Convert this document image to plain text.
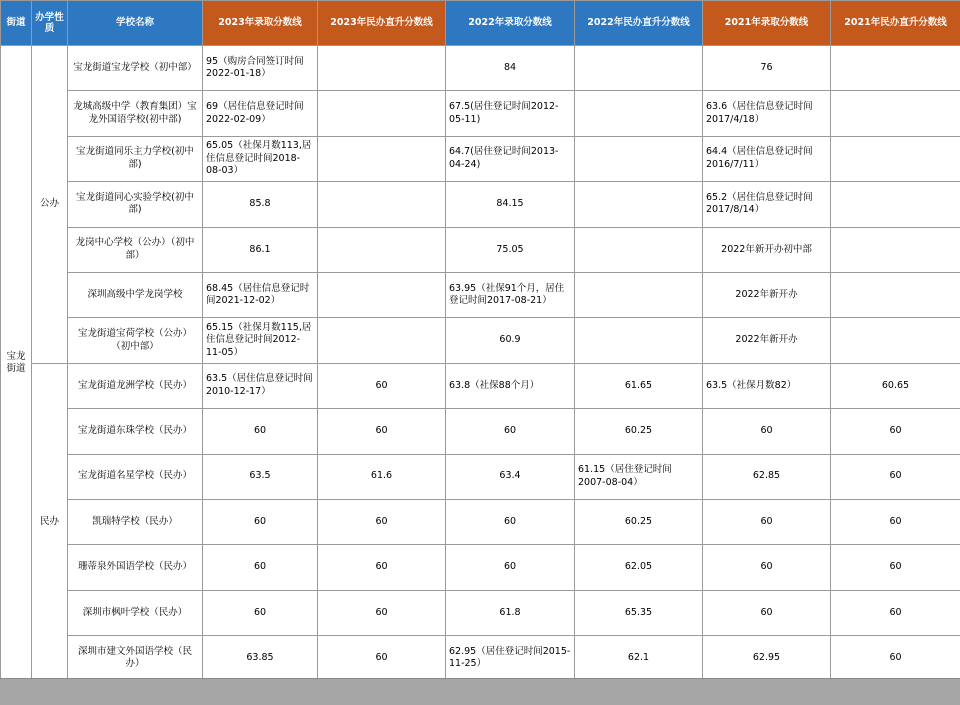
街道	办学性质	学校名称	2023年录取分数线	2023年民办直升分数线	2022年录取分数线	2022年民办直升分数线	2021年录取分数线	2021年民办直升分数线
宝龙街道	公办	宝龙街道宝龙学校（初中部）	95（购房合同签订时间2022-01-18）		84		76	
		龙城高级中学（教育集团）宝龙外国语学校(初中部)	69（居住信息登记时间2022-02-09）		67.5(居住登记时间2012-05-11)		63.6（居住信息登记时间2017/4/18）	
		宝龙街道同乐主力学校(初中部)	65.05（社保月数113,居住信息登记时间2018-08-03）		64.7(居住登记时间2013-04-24)		64.4（居住信息登记时间2016/7/11）	
		宝龙街道同心实验学校(初中部)	85.8		84.15		65.2（居住信息登记时间2017/8/14）	
		龙岗中心学校（公办）（初中部）	86.1		75.05		2022年新开办初中部	
		深圳高级中学龙岗学校	68.45（居住信息登记时间2021-12-02）		63.95（社保91个月，居住登记时间2017-08-21）		2022年新开办	
		宝龙街道宝荷学校（公办）（初中部）	65.15（社保月数115,居住信息登记时间2012-11-05）		60.9		2022年新开办	
	民办	宝龙街道龙洲学校（民办）	63.5（居住信息登记时间2010-12-17）	60	63.8（社保88个月）	61.65	63.5（社保月数82）	60.65
		宝龙街道东珠学校（民办）	60	60	60	60.25	60	60
		宝龙街道名星学校（民办）	63.5	61.6	63.4	61.15（居住登记时间2007-08-04）	62.85	60
		凯瑞特学校（民办）	60	60	60	60.25	60	60
		珊蒂泉外国语学校（民办）	60	60	60	62.05	60	60
		深圳市枫叶学校（民办）	60	60	61.8	65.35	60	60
		深圳市建文外国语学校（民办）	63.85	60	62.95（居住登记时间2015-11-25）	62.1	62.95	60
